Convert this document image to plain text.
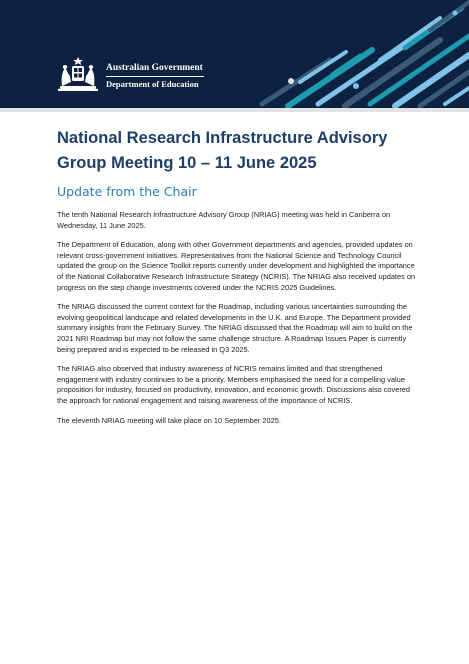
Australian Government
Department of Education
National Research Infrastructure Advisory
Group Meeting 10 – 11 June 2025
Update from the Chair

The tenth National Research Infrastructure Advisory Group (NRIAG) meeting was held in Canberra on Wednesday, 11 June 2025.

The Department of Education, along with other Government departments and agencies, provided updates on relevant cross-government initiatives. Representatives from the National Science and Technology Council updated the group on the Science Toolkit reports currently under development and highlighted the importance of the National Collaborative Research Infrastructure Strategy (NCRIS). The NRIAG also received updates on progress on the step change investments covered under the NCRIS 2025 Guidelines.

The NRIAG discussed the current context for the Roadmap, including various uncertainties surrounding the evolving geopolitical landscape and related developments in the U.K. and Europe. The Department provided summary insights from the February Survey. The NRIAG discussed that the Roadmap will aim to build on the 2021 NRI Roadmap but may not follow the same challenge structure. A Roadmap Issues Paper is currently being prepared and is expected to be released in Q3 2025.

The NRIAG also observed that industry awareness of NCRIS remains limited and that strengthened engagement with industry continues to be a priority. Members emphasised the need for a compelling value proposition for industry, focused on productivity, innovation, and economic growth. Discussions also covered the approach for national engagement and raising awareness of the importance of NCRIS.

The eleventh NRIAG meeting will take place on 10 September 2025.
